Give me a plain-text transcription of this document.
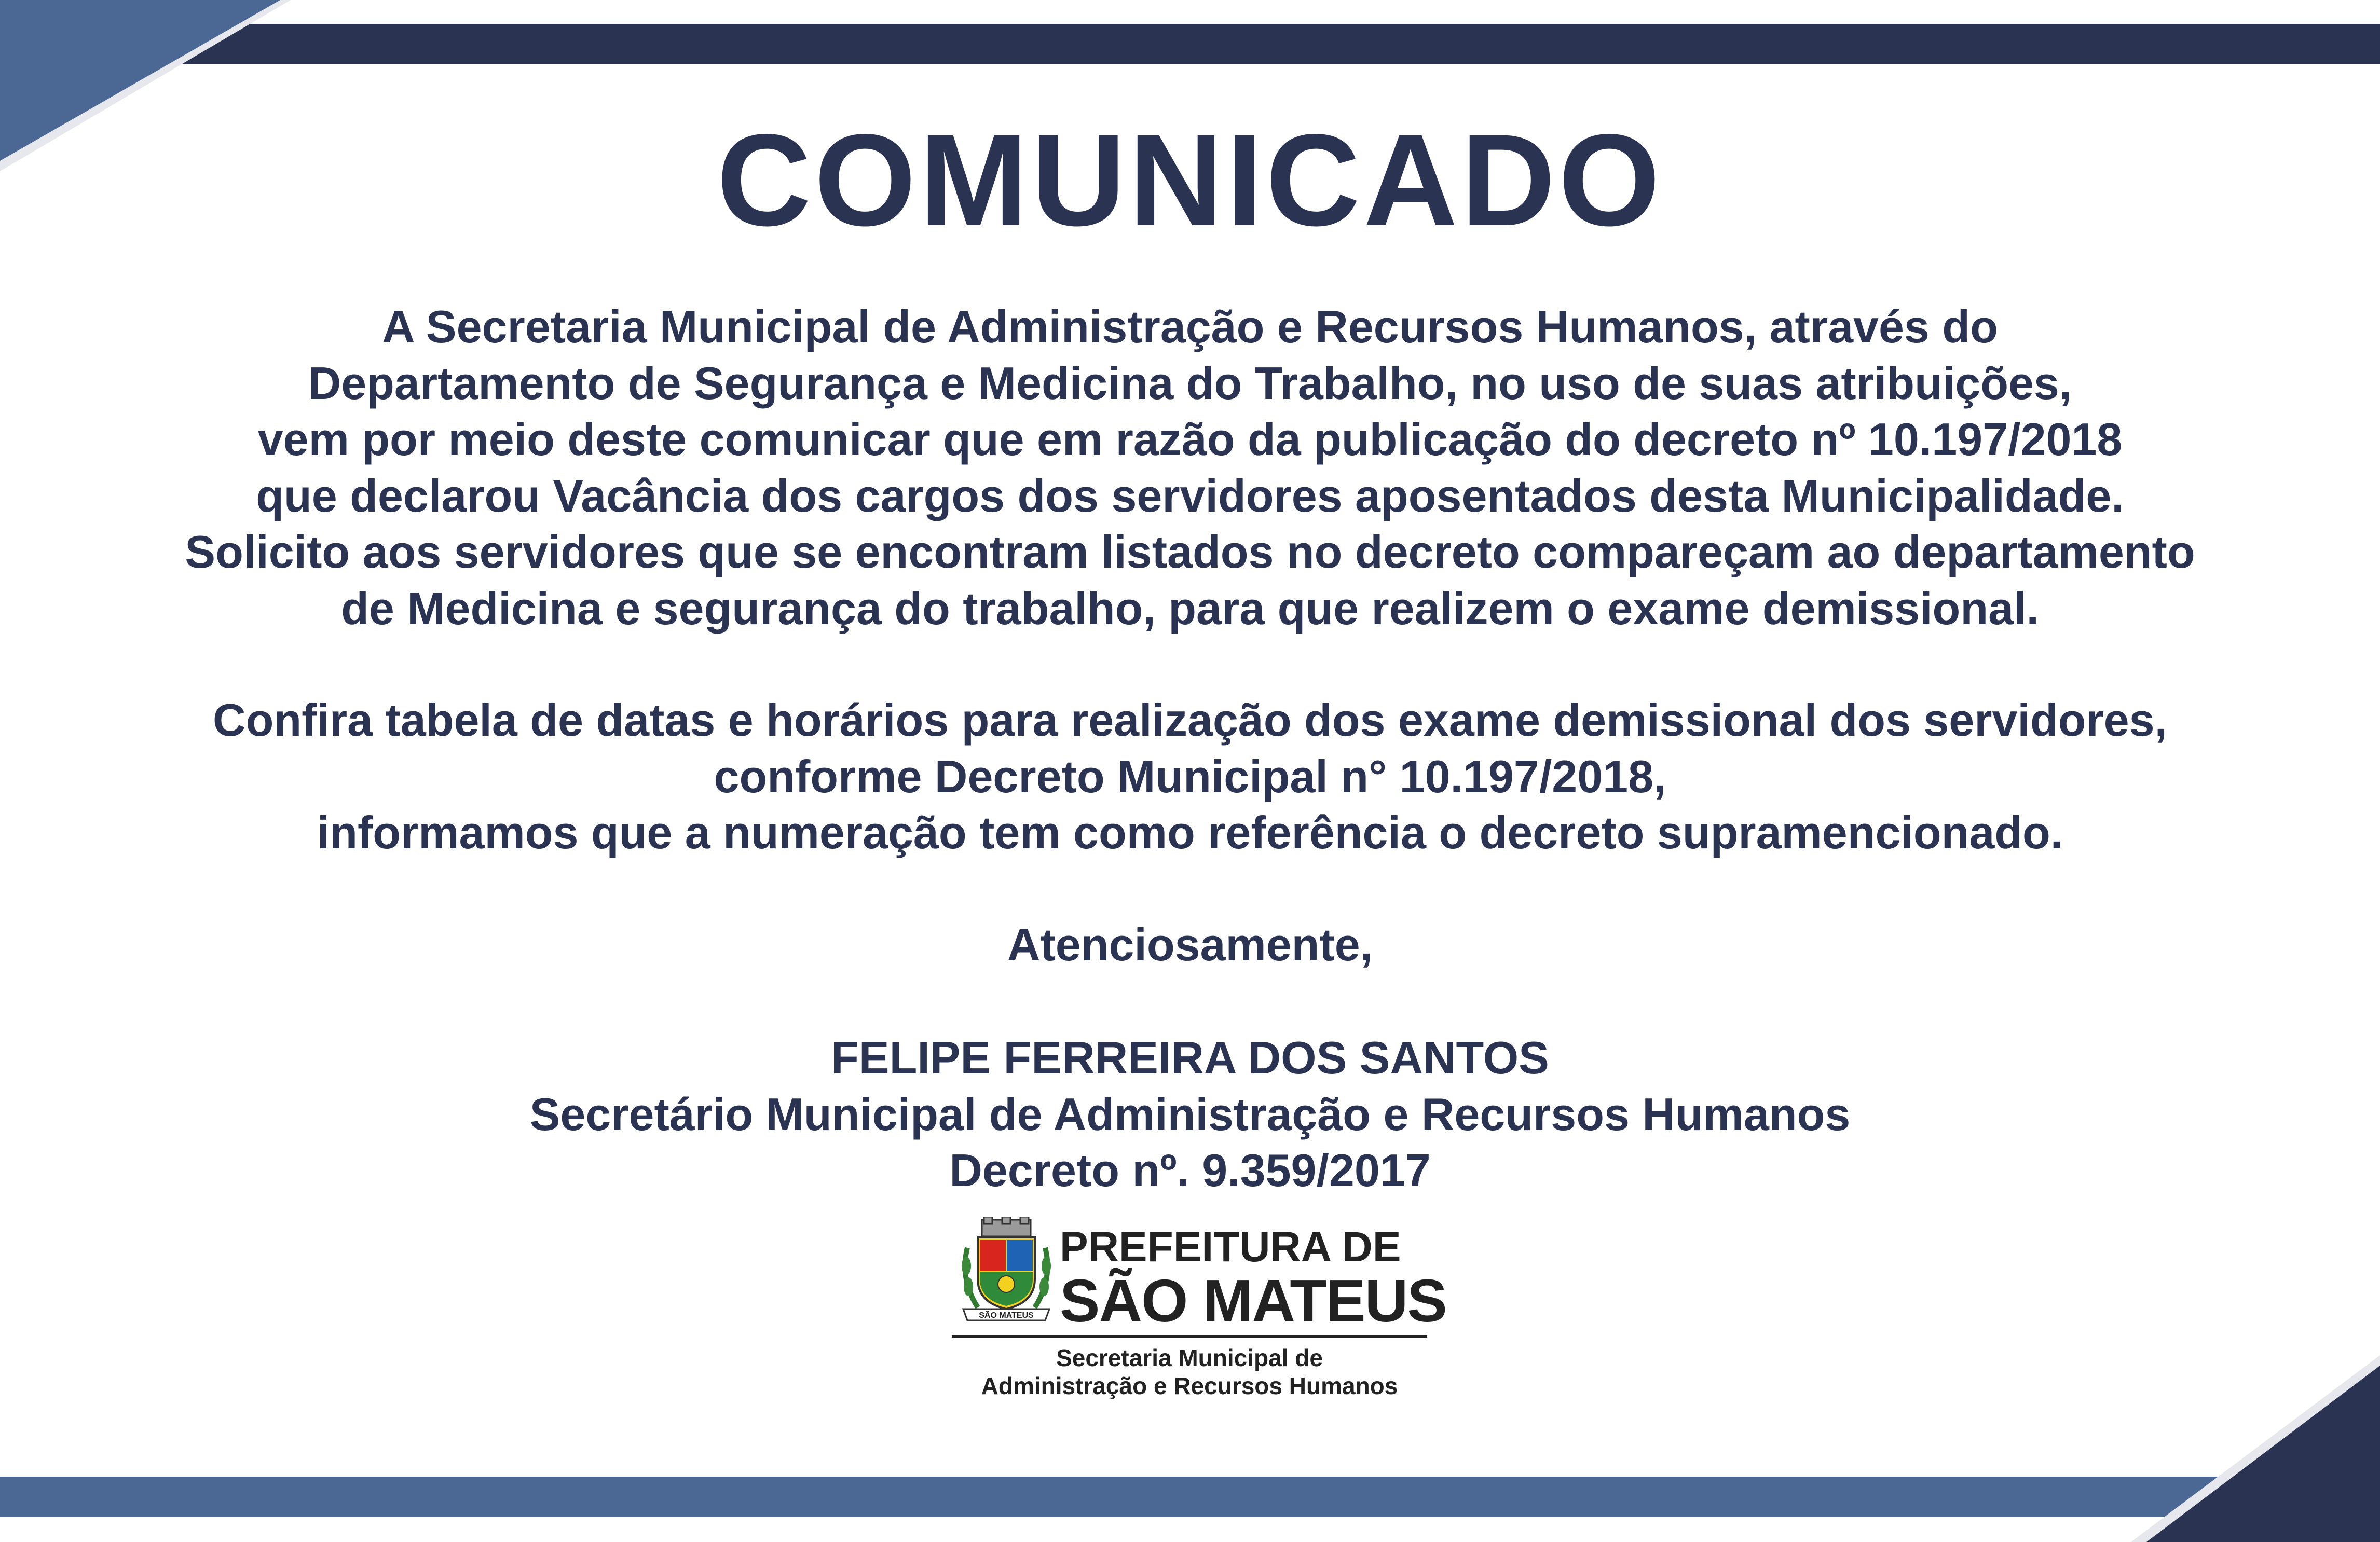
COMUNICADO
A Secretaria Municipal de Administração e Recursos Humanos, através do
Departamento de Segurança e Medicina do Trabalho, no uso de suas atribuições,
vem por meio deste comunicar que em razão da publicação do decreto nº 10.197/2018
que declarou Vacância dos cargos dos servidores aposentados desta Municipalidade.
Solicito aos servidores que se encontram listados no decreto compareçam ao departamento
de Medicina e segurança do trabalho, para que realizem o exame demissional.
Confira tabela de datas e horários para realização dos exame demissional dos servidores,
conforme Decreto Municipal n° 10.197/2018,
informamos que a numeração tem como referência o decreto supramencionado.
Atenciosamente,
FELIPE FERREIRA DOS SANTOS
Secretário Municipal de Administração e Recursos Humanos
Decreto nº. 9.359/2017
SÃO MATEUS
PREFEITURA DE
SÃO MATEUS
Secretaria Municipal de
Administração e Recursos Humanos
